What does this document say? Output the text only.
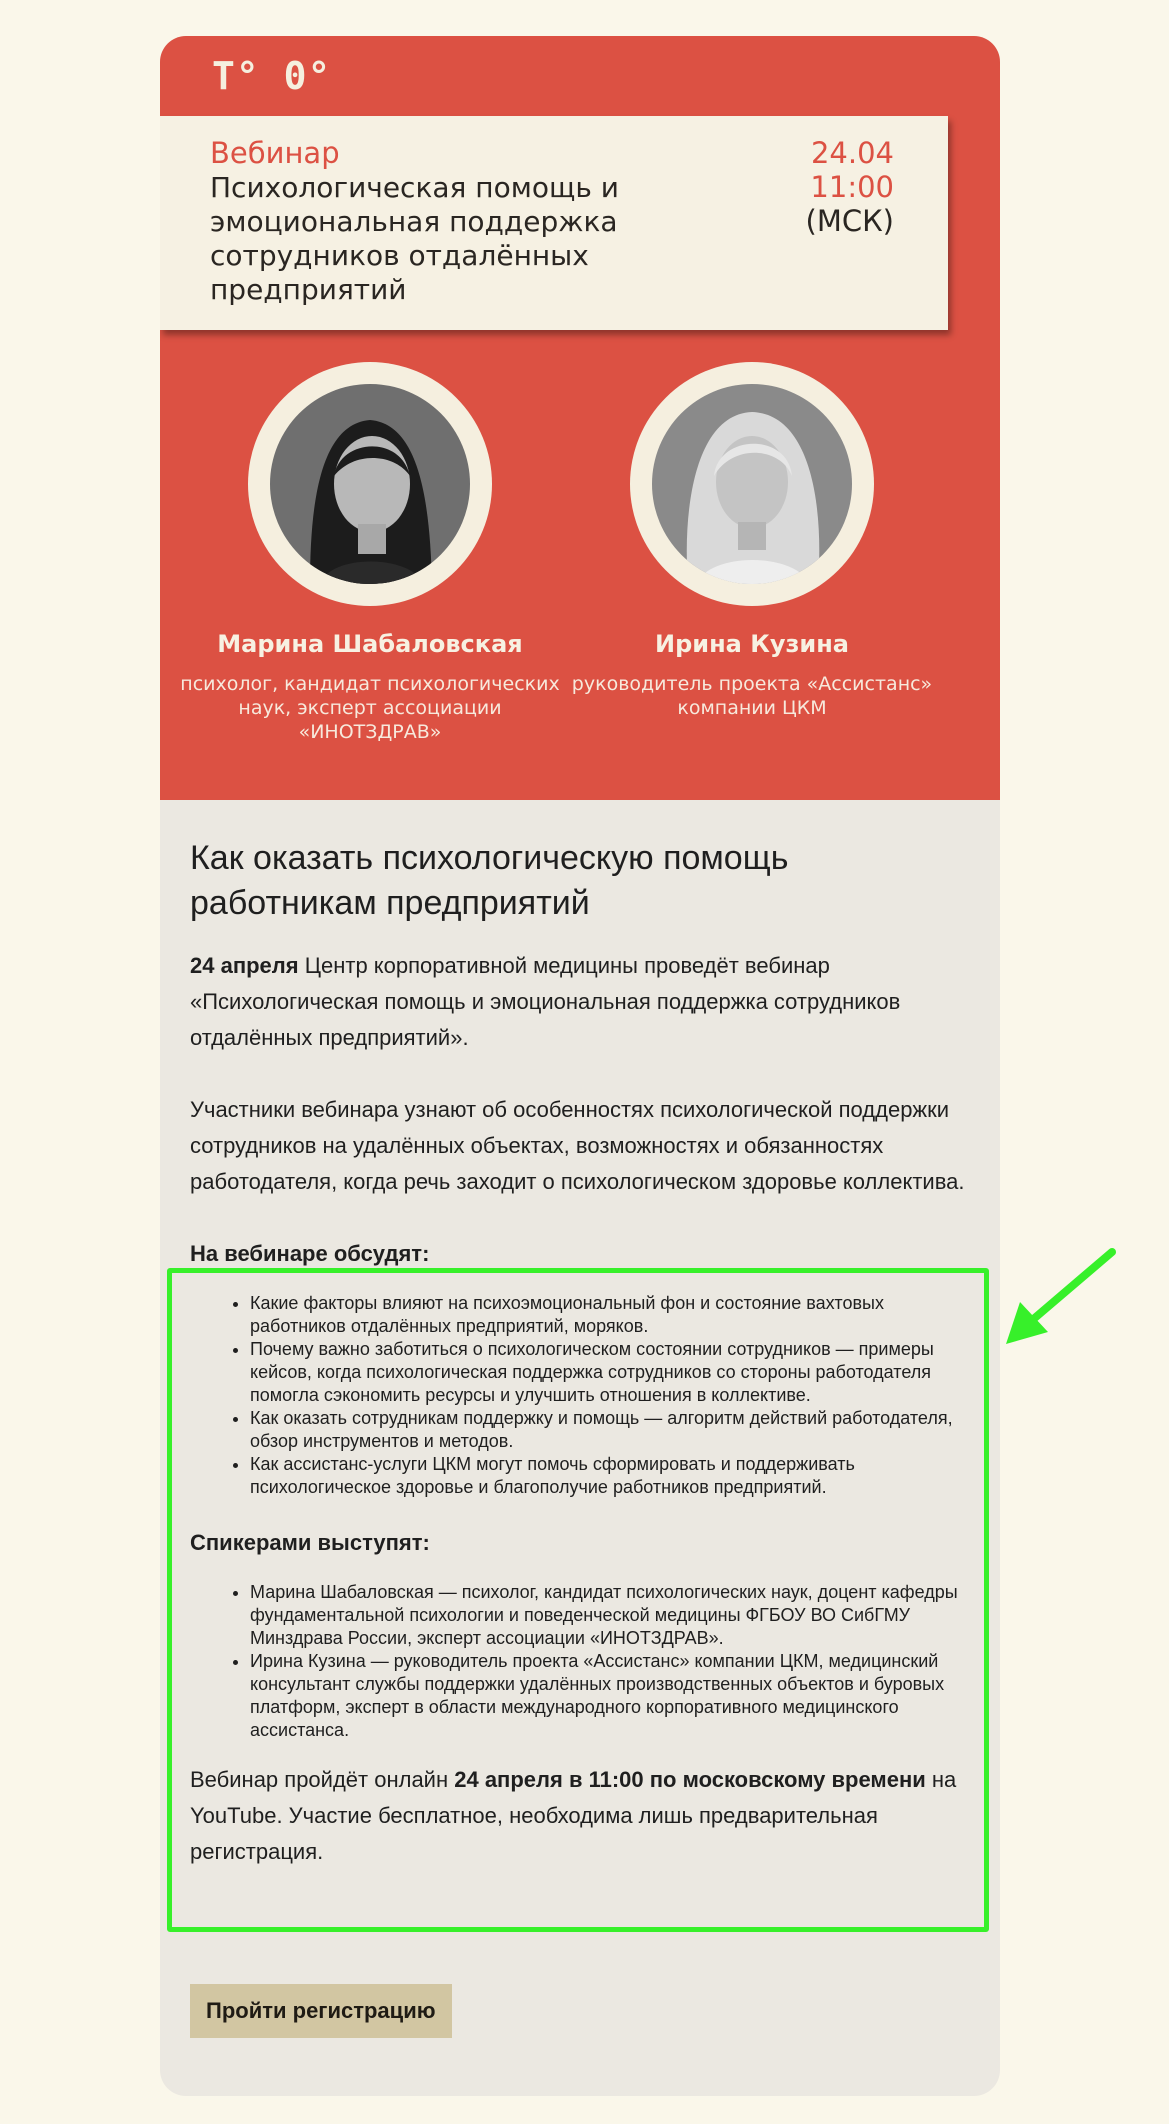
T° 0°
Вебинар
Психологическая помощь и эмоциональная поддержка сотрудников отдалённых предприятий
24.04
11:00
(МСК)
Марина Шабаловская
психолог, кандидат психологических наук, эксперт ассоциации «ИНОТЗДРАВ»
Ирина Кузина
руководитель проекта «Ассистанс» компании ЦКМ
Как оказать психологическую помощь работникам предприятий

24 апреля Центр корпоративной медицины проведёт вебинар «Психологическая помощь и эмоциональная поддержка сотрудников отдалённых предприятий».

Участники вебинара узнают об особенностях психологической поддержки сотрудников на удалённых объектах, возможностях и обязанностях работодателя, когда речь заходит о психологическом здоровье коллектива.

На вебинаре обсудят:
• Какие факторы влияют на психоэмоциональный фон и состояние вахтовых работников отдалённых предприятий, моряков.
• Почему важно заботиться о психологическом состоянии сотрудников — примеры кейсов, когда психологическая поддержка сотрудников со стороны работодателя помогла сэкономить ресурсы и улучшить отношения в коллективе.
• Как оказать сотрудникам поддержку и помощь — алгоритм действий работодателя, обзор инструментов и методов.
• Как ассистанс-услуги ЦКМ могут помочь сформировать и поддерживать психологическое здоровье и благополучие работников предприятий.
Спикерами выступят:
• Марина Шабаловская — психолог, кандидат психологических наук, доцент кафедры фундаментальной психологии и поведенческой медицины ФГБОУ ВО СибГМУ Минздрава России, эксперт ассоциации «ИНОТЗДРАВ».
• Ирина Кузина — руководитель проекта «Ассистанс» компании ЦКМ, медицинский консультант службы поддержки удалённых производственных объектов и буровых платформ, эксперт в области международного корпоративного медицинского ассистанса.

Вебинар пройдёт онлайн 24 апреля в 11:00 по московскому времени на YouTube. Участие бесплатное, необходима лишь предварительная регистрация.

Пройти регистрацию
